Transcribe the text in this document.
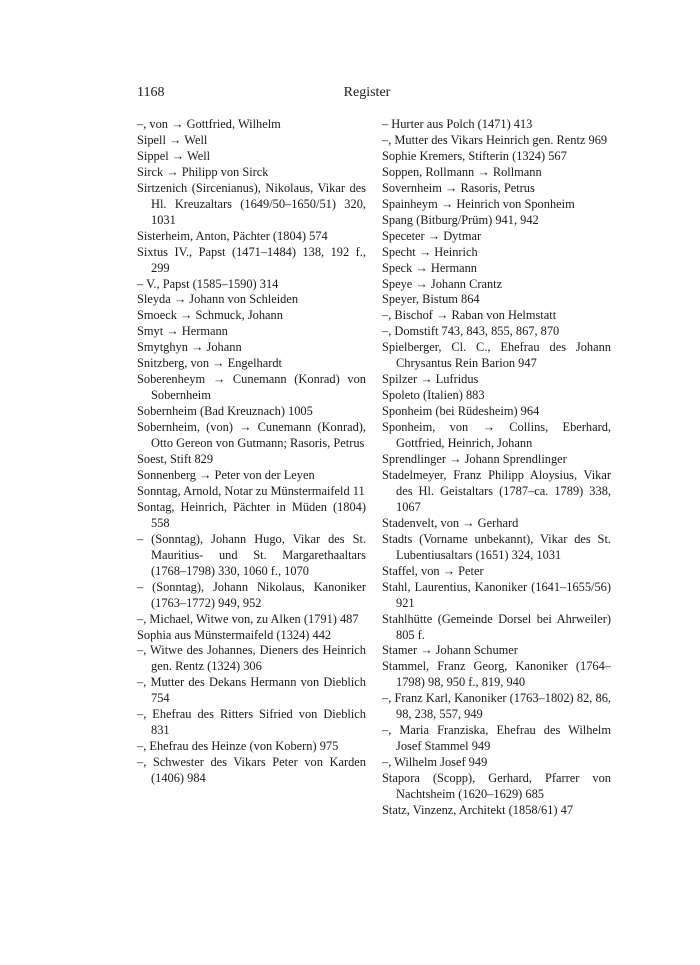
1168	Register

–, von → Gottfried, Wilhelm

Sipell → Well

Sippel → Well

Sirck → Philipp von Sirck

Sirtzenich (Sircenianus), Nikolaus, Vikar des Hl. Kreuzaltars (1649/50–1650/51) 320, 1031

Sisterheim, Anton, Pächter (1804) 574

Sixtus IV., Papst (1471–1484) 138, 192 f., 299

– V., Papst (1585–1590) 314

Sleyda → Johann von Schleiden

Smoeck → Schmuck, Johann

Smyt → Hermann

Smytghyn → Johann

Snitzberg, von → Engelhardt

Soberenheym → Cunemann (Konrad) von Sobernheim

Sobernheim (Bad Kreuznach) 1005

Sobernheim, (von) → Cunemann (Konrad), Otto Gereon von Gutmann; Rasoris, Petrus

Soest, Stift 829

Sonnenberg → Peter von der Leyen

Sonntag, Arnold, Notar zu Münstermaifeld 11

Sontag, Heinrich, Pächter in Müden (1804) 558

– (Sonntag), Johann Hugo, Vikar des St. Mauritius- und St. Margarethaaltars (1768–1798) 330, 1060 f., 1070

– (Sonntag), Johann Nikolaus, Kanoniker (1763–1772) 949, 952

–, Michael, Witwe von, zu Alken (1791) 487

Sophia aus Münstermaifeld (1324) 442

–, Witwe des Johannes, Dieners des Heinrich gen. Rentz (1324) 306

–, Mutter des Dekans Hermann von Dieblich 754

–, Ehefrau des Ritters Sifried von Dieblich 831

–, Ehefrau des Heinze (von Kobern) 975

–, Schwester des Vikars Peter von Karden (1406) 984

– Hurter aus Polch (1471) 413

–, Mutter des Vikars Heinrich gen. Rentz 969

Sophie Kremers, Stifterin (1324) 567

Soppen, Rollmann → Rollmann

Sovernheim → Rasoris, Petrus

Spainheym → Heinrich von Sponheim

Spang (Bitburg/Prüm) 941, 942

Speceter → Dytmar

Specht → Heinrich

Speck → Hermann

Speye → Johann Crantz

Speyer, Bistum 864

–, Bischof → Raban von Helmstatt

–, Domstift 743, 843, 855, 867, 870

Spielberger, Cl. C., Ehefrau des Johann Chrysantus Rein Barion 947

Spilzer → Lufridus

Spoleto (Italien) 883

Sponheim (bei Rüdesheim) 964

Sponheim, von → Collins, Eberhard, Gottfried, Heinrich, Johann

Sprendlinger → Johann Sprendlinger

Stadelmeyer, Franz Philipp Aloysius, Vikar des Hl. Geistaltars (1787–ca. 1789) 338, 1067

Stadenvelt, von → Gerhard

Stadts (Vorname unbekannt), Vikar des St. Lubentiusaltars (1651) 324, 1031

Staffel, von → Peter

Stahl, Laurentius, Kanoniker (1641–1655/56) 921

Stahlhütte (Gemeinde Dorsel bei Ahrweiler) 805 f.

Stamer → Johann Schumer

Stammel, Franz Georg, Kanoniker (1764–1798) 98, 950 f., 819, 940

–, Franz Karl, Kanoniker (1763–1802) 82, 86, 98, 238, 557, 949

–, Maria Franziska, Ehefrau des Wilhelm Josef Stammel 949

–, Wilhelm Josef 949

Stapora (Scopp), Gerhard, Pfarrer von Nachtsheim (1620–1629) 685

Statz, Vinzenz, Architekt (1858/61) 47
